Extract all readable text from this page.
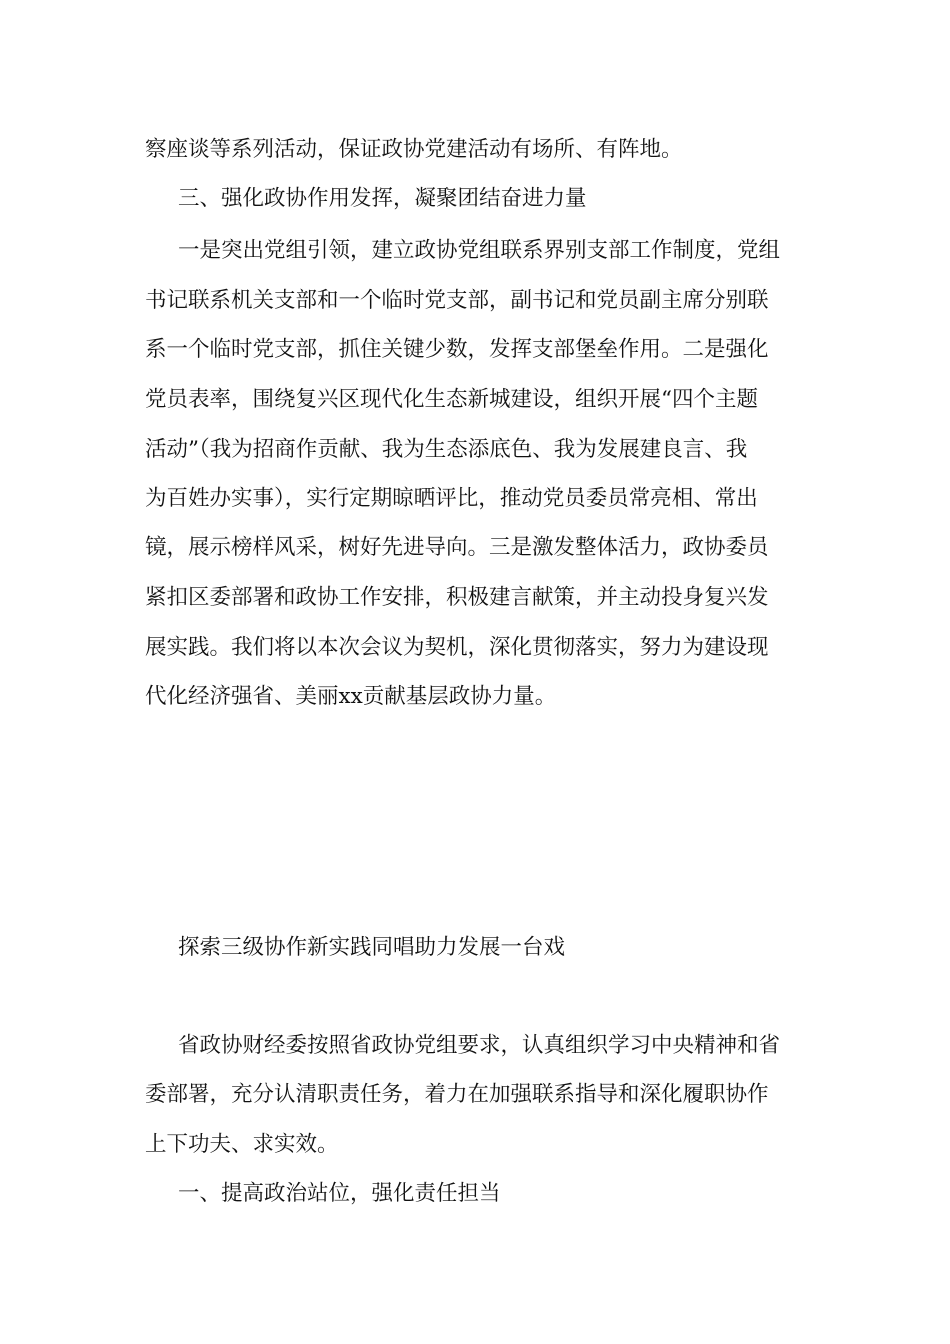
察座谈等系列活动，保证政协党建活动有场所、有阵地。

三、强化政协作用发挥，凝聚团结奋进力量

一是突出党组引领，建立政协党组联系界别支部工作制度，党组

书记联系机关支部和一个临时党支部，副书记和党员副主席分别联

系一个临时党支部，抓住关键少数，发挥支部堡垒作用。二是强化

党员表率，围绕复兴区现代化生态新城建设，组织开展“四个主题

活动”（我为招商作贡献、我为生态添底色、我为发展建良言、我

为百姓办实事），实行定期晾晒评比，推动党员委员常亮相、常出

镜，展示榜样风采，树好先进导向。三是激发整体活力，政协委员

紧扣区委部署和政协工作安排，积极建言献策，并主动投身复兴发

展实践。我们将以本次会议为契机，深化贯彻落实，努力为建设现

代化经济强省、美丽xx贡献基层政协力量。

探索三级协作新实践同唱助力发展一台戏

省政协财经委按照省政协党组要求，认真组织学习中央精神和省

委部署，充分认清职责任务，着力在加强联系指导和深化履职协作

上下功夫、求实效。

一、提高政治站位，强化责任担当
